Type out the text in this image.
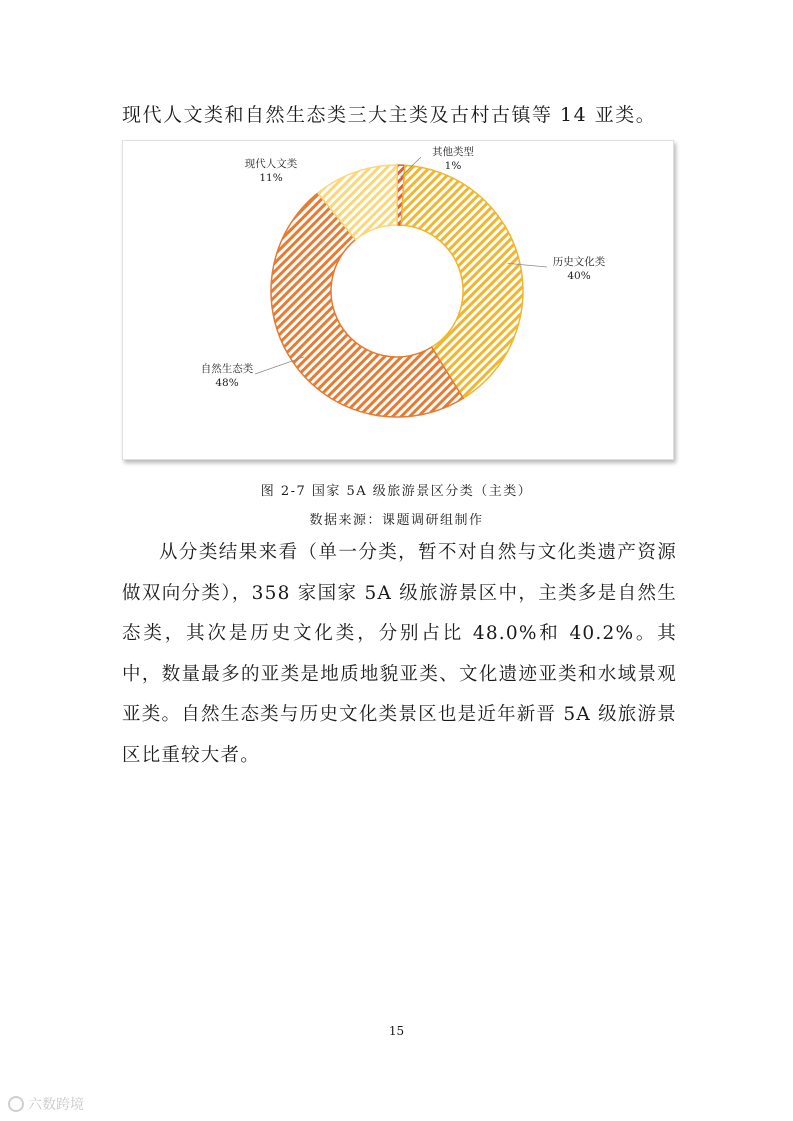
现代人文类和自然生态类三大主类及古村古镇等 14 亚类。
其他类型
1%
历史文化类
40%
自然生态类
48%
现代人文类
11%
图 2-7 国家 5A 级旅游景区分类（主类）
数据来源：课题调研组制作

从分类结果来看（单一分类，暂不对自然与文化类遗产资源做双向分类），358 家国家 5A 级旅游景区中，主类多是自然生态类，其次是历史文化类，分别占比 48.0%和 40.2%。其中，数量最多的亚类是地质地貌亚类、文化遗迹亚类和水域景观亚类。自然生态类与历史文化类景区也是近年新晋 5A 级旅游景区比重较大者。

15
六数跨境
